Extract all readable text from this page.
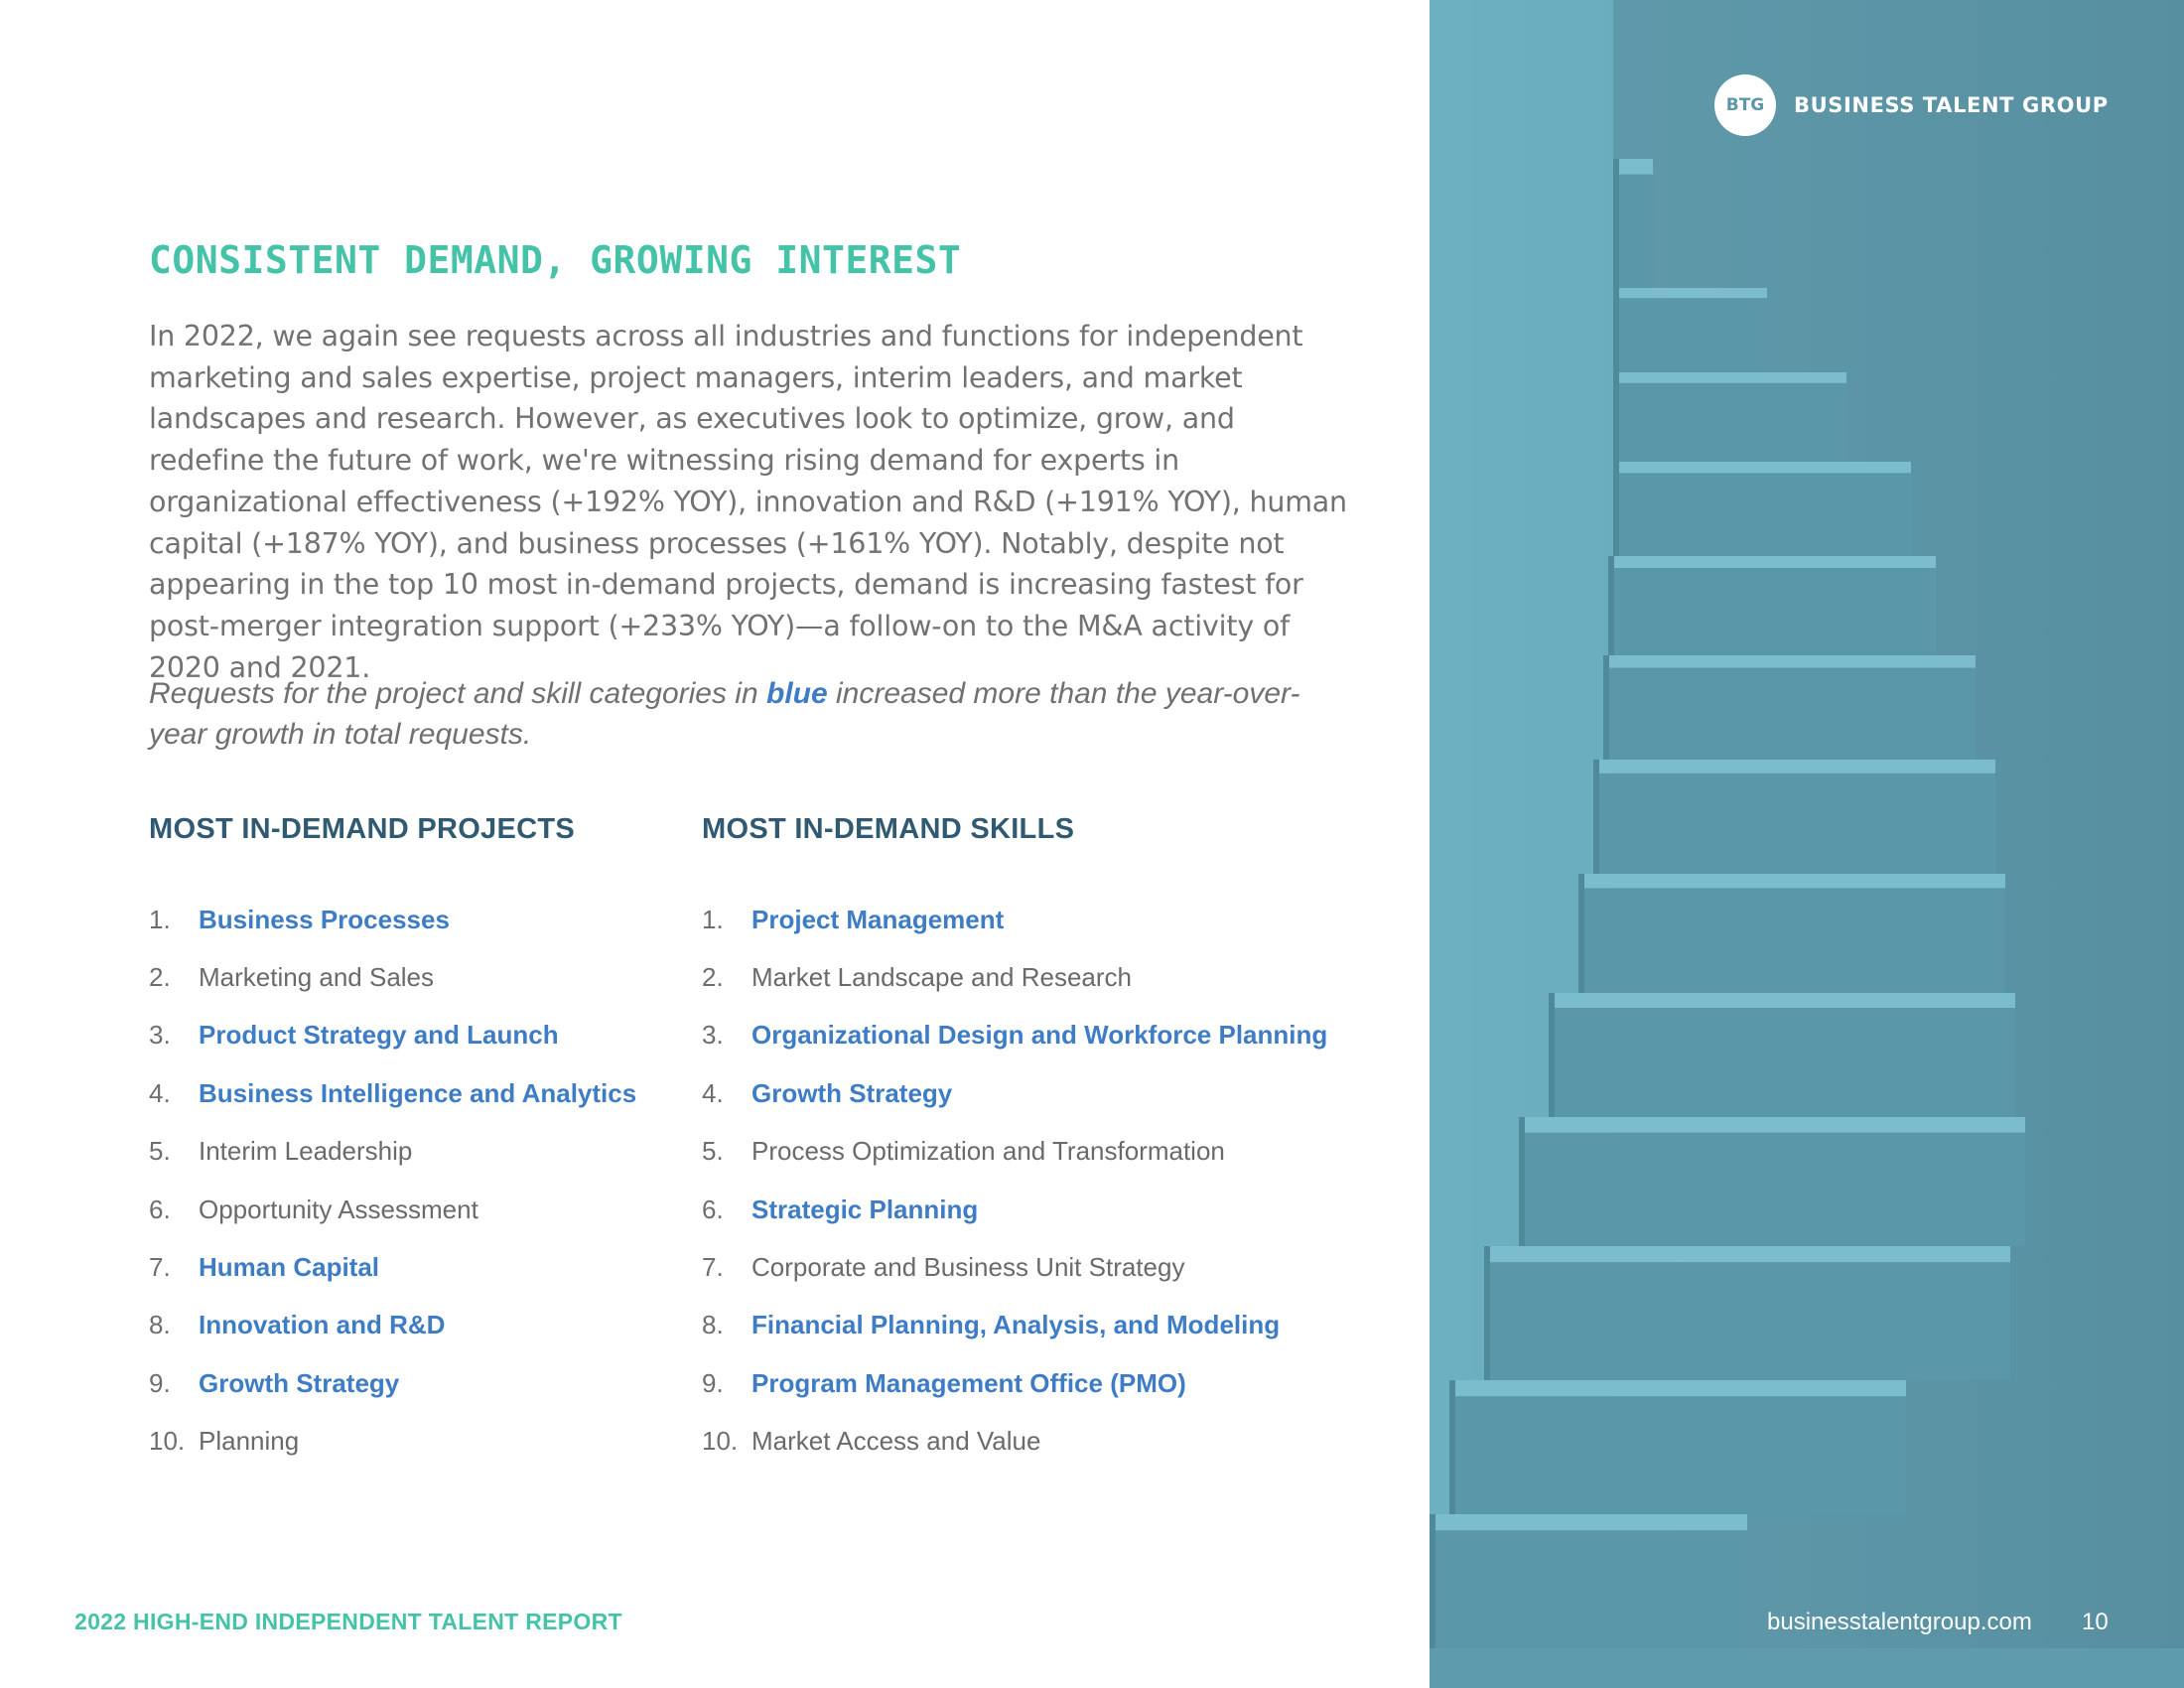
CONSISTENT DEMAND, GROWING INTEREST

In 2022, we again see requests across all industries and functions for independent marketing and sales expertise, project managers, interim leaders, and market landscapes and research. However, as executives look to optimize, grow, and redefine the future of work, we're witnessing rising demand for experts in organizational effectiveness (+192% YOY), innovation and R&D (+191% YOY), human capital (+187% YOY), and business processes (+161% YOY). Notably, despite not appearing in the top 10 most in-demand projects, demand is increasing fastest for post-merger integration support (+233% YOY)—a follow-on to the M&A activity of 2020 and 2021.

Requests for the project and skill categories in blue increased more than the year-over-year growth in total requests.

MOST IN-DEMAND PROJECTS
1.	Business Processes
2.	Marketing and Sales
3.	Product Strategy and Launch
4.	Business Intelligence and Analytics
5.	Interim Leadership
6.	Opportunity Assessment
7.	Human Capital
8.	Innovation and R&D
9.	Growth Strategy
10. Planning
MOST IN-DEMAND SKILLS
1.	Project Management
2.	Market Landscape and Research
3.	Organizational Design and Workforce Planning
4.	Growth Strategy
5.	Process Optimization and Transformation
6.	Strategic Planning
7.	Corporate and Business Unit Strategy
8.	Financial Planning, Analysis, and Modeling
9.	Program Management Office (PMO)
10. Market Access and Value
2022 HIGH-END INDEPENDENT TALENT REPORT
BTG	BUSINESS TALENT GROUP
businesstalentgroup.com 10
